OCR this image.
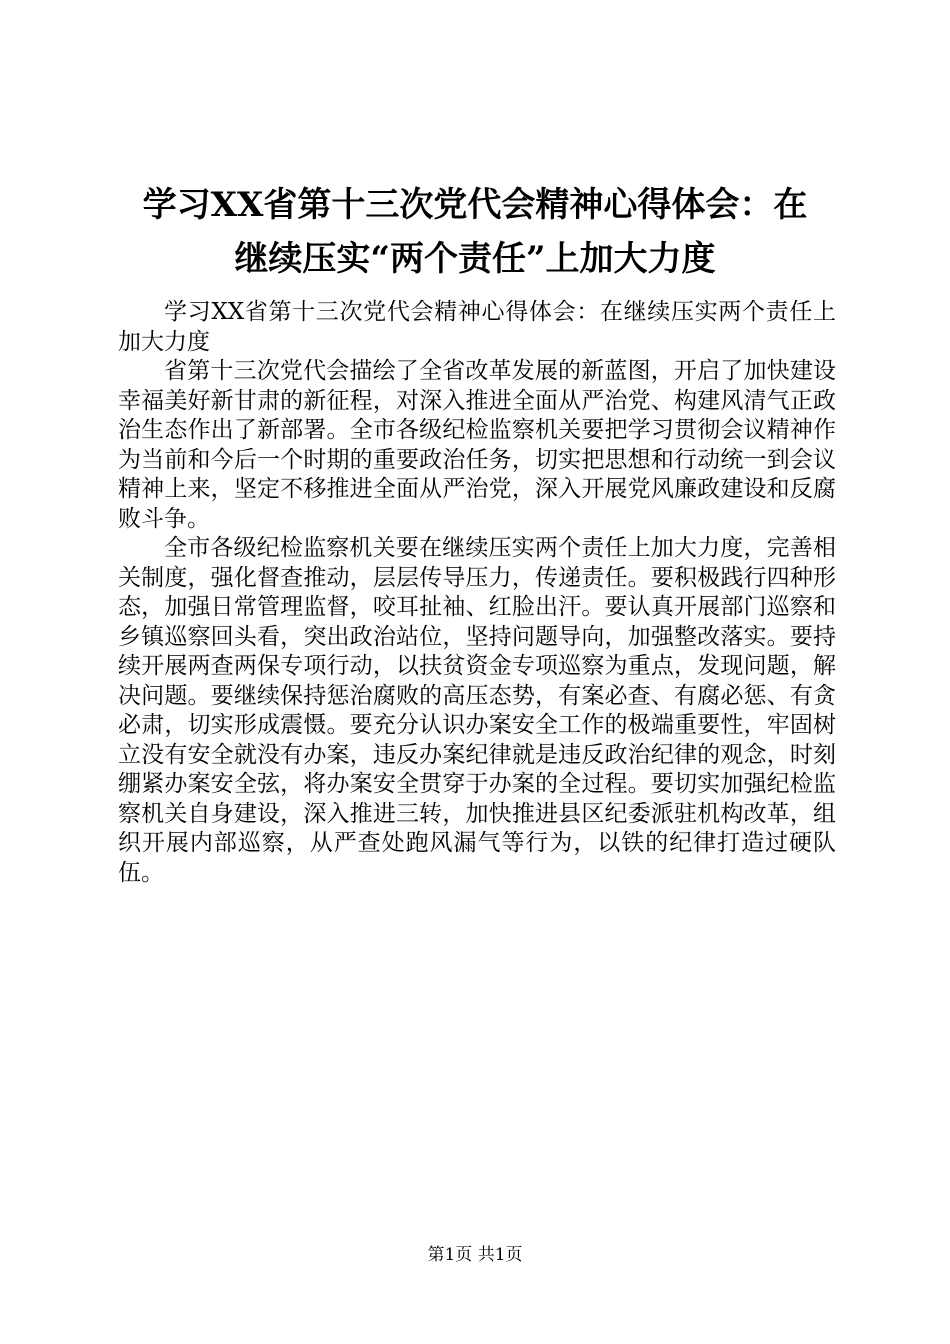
学习XX省第十三次党代会精神心得体会：在
继续压实“两个责任”上加大力度

学习XX省第十三次党代会精神心得体会：在继续压实两个责任上加大力度

省第十三次党代会描绘了全省改革发展的新蓝图，开启了加快建设幸福美好新甘肃的新征程，对深入推进全面从严治党、构建风清气正政治生态作出了新部署。全市各级纪检监察机关要把学习贯彻会议精神作为当前和今后一个时期的重要政治任务，切实把思想和行动统一到会议精神上来，坚定不移推进全面从严治党，深入开展党风廉政建设和反腐败斗争。

全市各级纪检监察机关要在继续压实两个责任上加大力度，完善相关制度，强化督查推动，层层传导压力，传递责任。要积极践行四种形态，加强日常管理监督，咬耳扯袖、红脸出汗。要认真开展部门巡察和乡镇巡察回头看，突出政治站位，坚持问题导向，加强整改落实。要持续开展两查两保专项行动，以扶贫资金专项巡察为重点，发现问题，解决问题。要继续保持惩治腐败的高压态势，有案必查、有腐必惩、有贪必肃，切实形成震慑。要充分认识办案安全工作的极端重要性，牢固树立没有安全就没有办案，违反办案纪律就是违反政治纪律的观念，时刻绷紧办案安全弦，将办案安全贯穿于办案的全过程。要切实加强纪检监察机关自身建设，深入推进三转，加快推进县区纪委派驻机构改革，组织开展内部巡察，从严查处跑风漏气等行为，以铁的纪律打造过硬队伍。

第1页 共1页
